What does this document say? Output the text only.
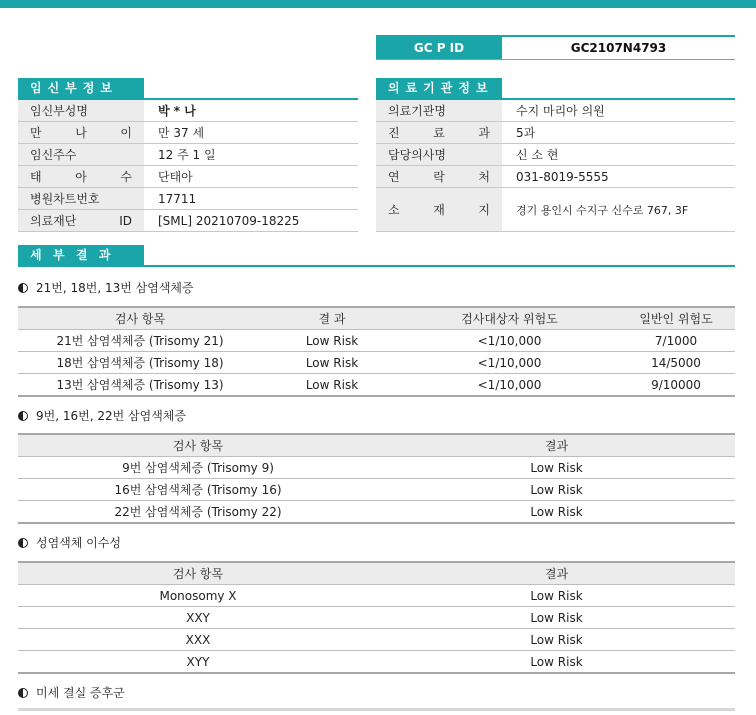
GC P ID	GC2107N4793
임신부정보	의료기관정보
임신부성명	박 * 나
만 나 이	만 37 세
임신주수	12 주 1 일
태 아 수	단태아
병원차트번호	17711
의료재단 ID	[SML] 20210709-18225
의료기관명	수지 마리아 의원
진 료 과	5과
담당의사명	신 소 현
연 락 처	031-8019-5555
소 재 지	경기 용인시 수지구 신수로 767, 3F
세 부 결 과
21번, 18번, 13번 삼염색체증
검사 항목	결 과	검사대상자 위험도	일반인 위험도
21번 삼염색체증 (Trisomy 21)	Low Risk	<1/10,000	7/1000
18번 삼염색체증 (Trisomy 18)	Low Risk	<1/10,000	14/5000
13번 삼염색체증 (Trisomy 13)	Low Risk	<1/10,000	9/10000
9번, 16번, 22번 삼염색체증
검사 항목	결과
9번 삼염색체증 (Trisomy 9)	Low Risk
16번 삼염색체증 (Trisomy 16)	Low Risk
22번 삼염색체증 (Trisomy 22)	Low Risk
성염색체 이수성
검사 항목	결과
Monosomy X	Low Risk
XXY	Low Risk
XXX	Low Risk
XYY	Low Risk
미세 결실 증후군
